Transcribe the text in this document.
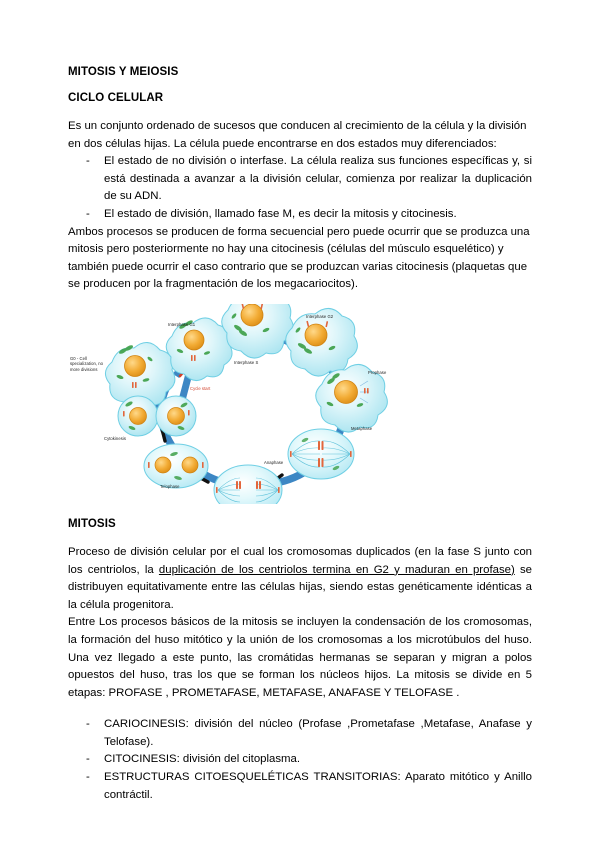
MITOSIS Y MEIOSIS
CICLO CELULAR

Es un conjunto ordenado de sucesos que conducen al crecimiento de la célula y la división en dos células hijas. La célula puede encontrarse en dos estados muy diferenciados:

- El estado de no división o interfase. La célula realiza sus funciones específicas y, si está destinada a avanzar a la división celular, comienza por realizar la duplicación de su ADN.
- El estado de división, llamado fase M, es decir la mitosis y citocinesis.

Ambos procesos se producen de forma secuencial pero puede ocurrir que se produzca una mitosis pero posteriormente no hay una citocinesis (células del músculo esquelético) y también puede ocurrir el caso contrario que se produzcan varias citocinesis (plaquetas que se producen por la fragmentación de los megacariocitos).

G0 - Cell specialization, no more divisions
Interphase G1
Interphase S
Interphase G2
Prophase
Metaphase
Anaphase
Telophase
Cytokinesis
Cycle start
MITOSIS

Proceso de división celular por el cual los cromosomas duplicados (en la fase S junto con los centriolos, la duplicación de los centriolos termina en G2 y maduran en profase) se distribuyen equitativamente entre las células hijas, siendo estas genéticamente idénticas a la célula progenitora.

Entre Los procesos básicos de la mitosis se incluyen la condensación de los cromosomas, la formación del huso mitótico y la unión de los cromosomas a los microtúbulos del huso. Una vez llegado a este punto, las cromátidas hermanas se separan y migran a polos opuestos del huso, tras los que se forman los núcleos hijos. La mitosis se divide en 5 etapas: PROFASE , PROMETAFASE, METAFASE, ANAFASE Y TELOFASE .

- CARIOCINESIS: división del núcleo (Profase ,Prometafase ,Metafase, Anafase y Telofase).
- CITOCINESIS: división del citoplasma.
- ESTRUCTURAS CITOESQUELÉTICAS TRANSITORIAS: Aparato mitótico y Anillo contráctil.
